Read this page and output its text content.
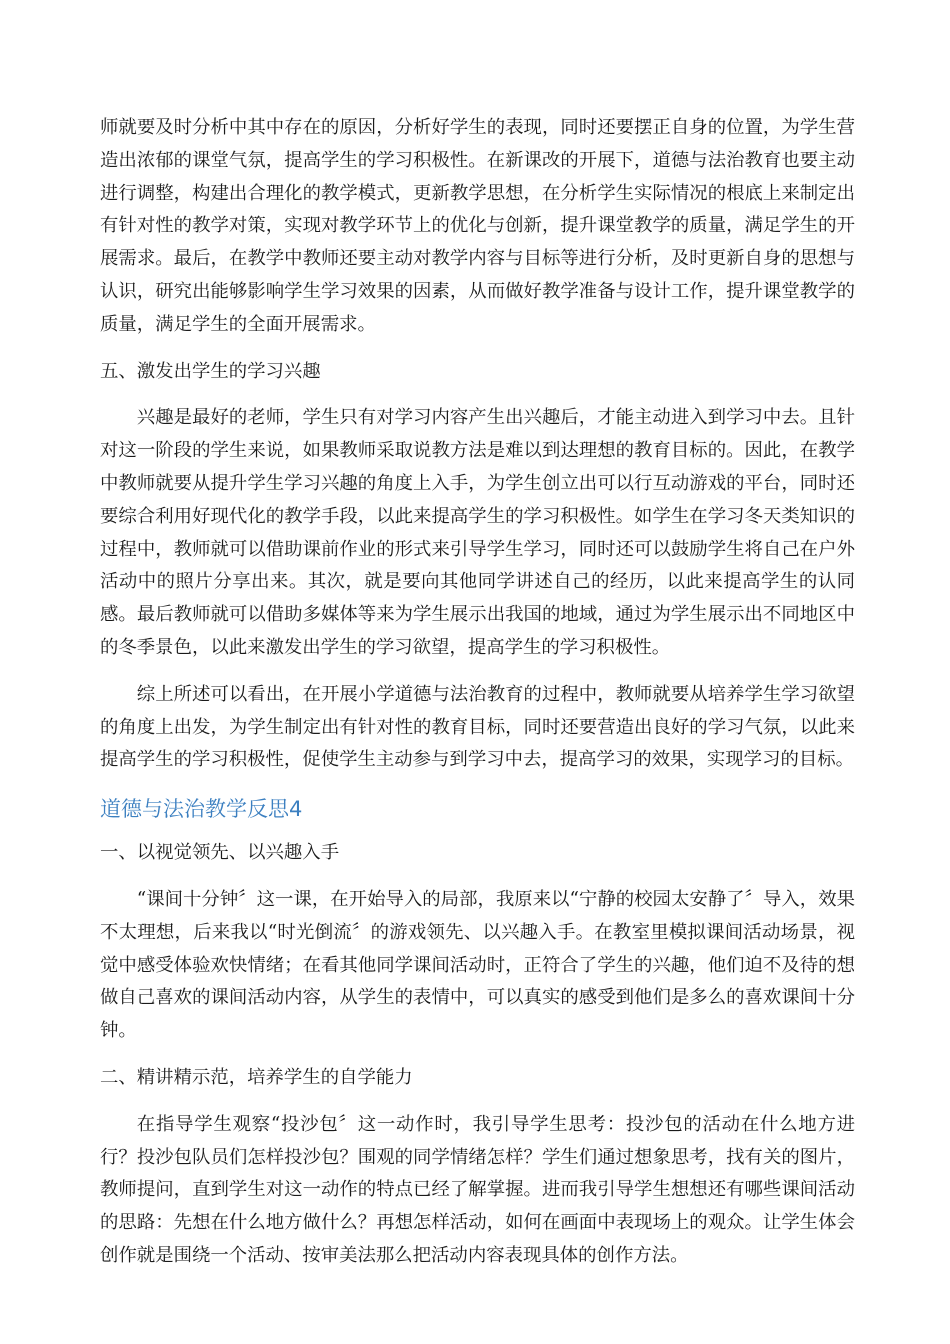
师就要及时分析中其中存在的原因，分析好学生的表现，同时还要摆正自身的位置，为学生营造出浓郁的课堂气氛，提高学生的学习积极性。在新课改的开展下，道德与法治教育也要主动进行调整，构建出合理化的教学模式，更新教学思想，在分析学生实际情况的根底上来制定出有针对性的教学对策，实现对教学环节上的优化与创新，提升课堂教学的质量，满足学生的开展需求。最后，在教学中教师还要主动对教学内容与目标等进行分析，及时更新自身的思想与认识，研究出能够影响学生学习效果的因素，从而做好教学准备与设计工作，提升课堂教学的质量，满足学生的全面开展需求。

五、激发出学生的学习兴趣

兴趣是最好的老师，学生只有对学习内容产生出兴趣后，才能主动进入到学习中去。且针对这一阶段的学生来说，如果教师采取说教方法是难以到达理想的教育目标的。因此，在教学中教师就要从提升学生学习兴趣的角度上入手，为学生创立出可以行互动游戏的平台，同时还要综合利用好现代化的教学手段，以此来提高学生的学习积极性。如学生在学习冬天类知识的过程中，教师就可以借助课前作业的形式来引导学生学习，同时还可以鼓励学生将自己在户外活动中的照片分享出来。其次，就是要向其他同学讲述自己的经历，以此来提高学生的认同感。最后教师就可以借助多媒体等来为学生展示出我国的地域，通过为学生展示出不同地区中的冬季景色，以此来激发出学生的学习欲望，提高学生的学习积极性。

综上所述可以看出，在开展小学道德与法治教育的过程中，教师就要从培养学生学习欲望的角度上出发，为学生制定出有针对性的教育目标，同时还要营造出良好的学习气氛，以此来提高学生的学习积极性，促使学生主动参与到学习中去，提高学习的效果，实现学习的目标。

道德与法治教学反思4

一、以视觉领先、以兴趣入手

“课间十分钟〞这一课，在开始导入的局部，我原来以“宁静的校园太安静了〞导入，效果不太理想，后来我以“时光倒流〞的游戏领先、以兴趣入手。在教室里模拟课间活动场景，视觉中感受体验欢快情绪；在看其他同学课间活动时，正符合了学生的兴趣，他们迫不及待的想做自己喜欢的课间活动内容，从学生的表情中，可以真实的感受到他们是多么的喜欢课间十分钟。

二、精讲精示范，培养学生的自学能力

在指导学生观察“投沙包〞这一动作时，我引导学生思考：投沙包的活动在什么地方进行？投沙包队员们怎样投沙包？围观的同学情绪怎样？学生们通过想象思考，找有关的图片，教师提问，直到学生对这一动作的特点已经了解掌握。进而我引导学生想想还有哪些课间活动的思路：先想在什么地方做什么？再想怎样活动，如何在画面中表现场上的观众。让学生体会创作就是围绕一个活动、按审美法那么把活动内容表现具体的创作方法。
